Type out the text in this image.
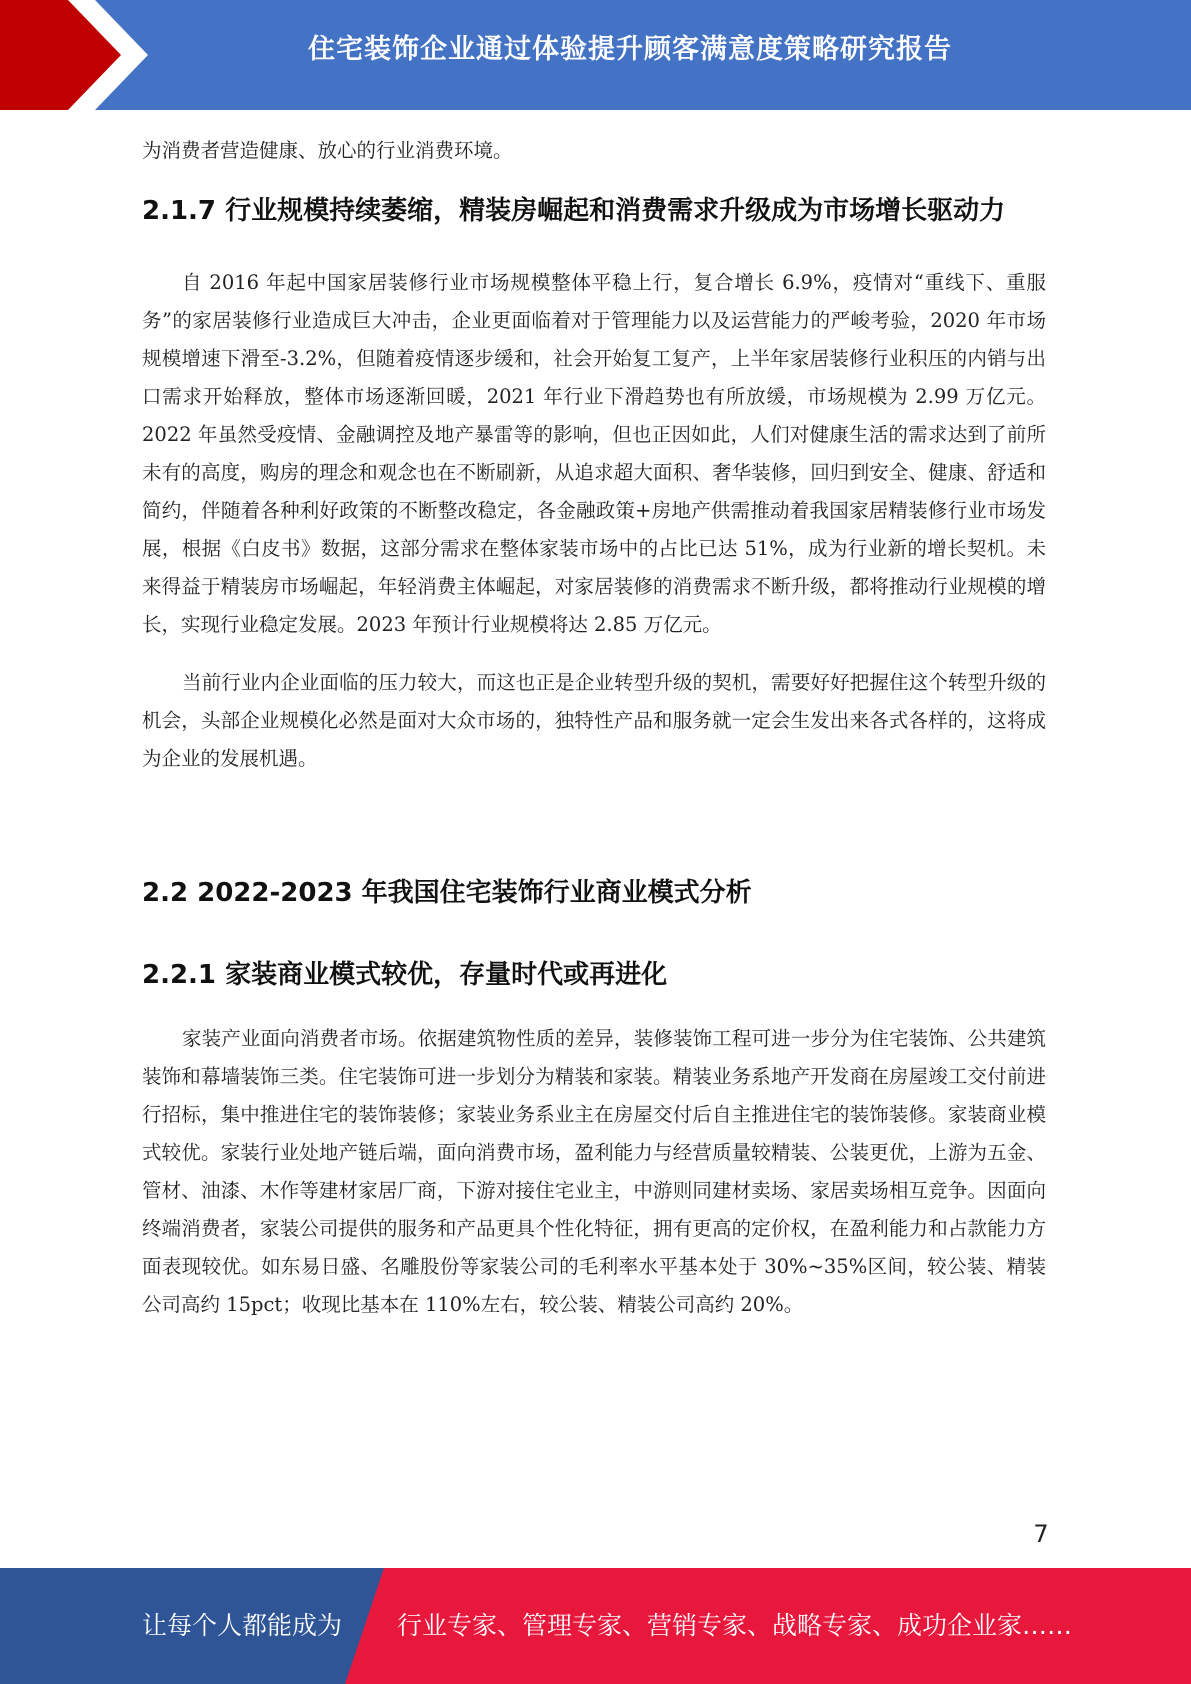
住宅装饰企业通过体验提升顾客满意度策略研究报告

为消费者营造健康、放心的行业消费环境。

2.1.7 行业规模持续萎缩，精装房崛起和消费需求升级成为市场增长驱动力

自 2016 年起中国家居装修行业市场规模整体平稳上行，复合增长 6.9%，疫情对“重线下、重服务”的家居装修行业造成巨大冲击，企业更面临着对于管理能力以及运营能力的严峻考验，2020 年市场规模增速下滑至-3.2%，但随着疫情逐步缓和，社会开始复工复产，上半年家居装修行业积压的内销与出口需求开始释放，整体市场逐渐回暖，2021 年行业下滑趋势也有所放缓，市场规模为 2.99 万亿元。2022 年虽然受疫情、金融调控及地产暴雷等的影响，但也正因如此，人们对健康生活的需求达到了前所未有的高度，购房的理念和观念也在不断刷新，从追求超大面积、奢华装修，回归到安全、健康、舒适和简约，伴随着各种利好政策的不断整改稳定，各金融政策+房地产供需推动着我国家居精装修行业市场发展，根据《白皮书》数据，这部分需求在整体家装市场中的占比已达 51%，成为行业新的增长契机。未来得益于精装房市场崛起，年轻消费主体崛起，对家居装修的消费需求不断升级，都将推动行业规模的增长，实现行业稳定发展。2023 年预计行业规模将达 2.85 万亿元。

当前行业内企业面临的压力较大，而这也正是企业转型升级的契机，需要好好把握住这个转型升级的机会，头部企业规模化必然是面对大众市场的，独特性产品和服务就一定会生发出来各式各样的，这将成为企业的发展机遇。

2.2 2022-2023 年我国住宅装饰行业商业模式分析
2.2.1 家装商业模式较优，存量时代或再进化

家装产业面向消费者市场。依据建筑物性质的差异，装修装饰工程可进一步分为住宅装饰、公共建筑装饰和幕墙装饰三类。住宅装饰可进一步划分为精装和家装。精装业务系地产开发商在房屋竣工交付前进行招标，集中推进住宅的装饰装修；家装业务系业主在房屋交付后自主推进住宅的装饰装修。家装商业模式较优。家装行业处地产链后端，面向消费市场，盈利能力与经营质量较精装、公装更优，上游为五金、管材、油漆、木作等建材家居厂商，下游对接住宅业主，中游则同建材卖场、家居卖场相互竞争。因面向终端消费者，家装公司提供的服务和产品更具个性化特征，拥有更高的定价权，在盈利能力和占款能力方面表现较优。如东易日盛、名雕股份等家装公司的毛利率水平基本处于 30%~35%区间，较公装、精装公司高约 15pct；收现比基本在 110%左右，较公装、精装公司高约 20%。

7
让每个人都能成为 行业专家、管理专家、营销专家、战略专家、成功企业家……
